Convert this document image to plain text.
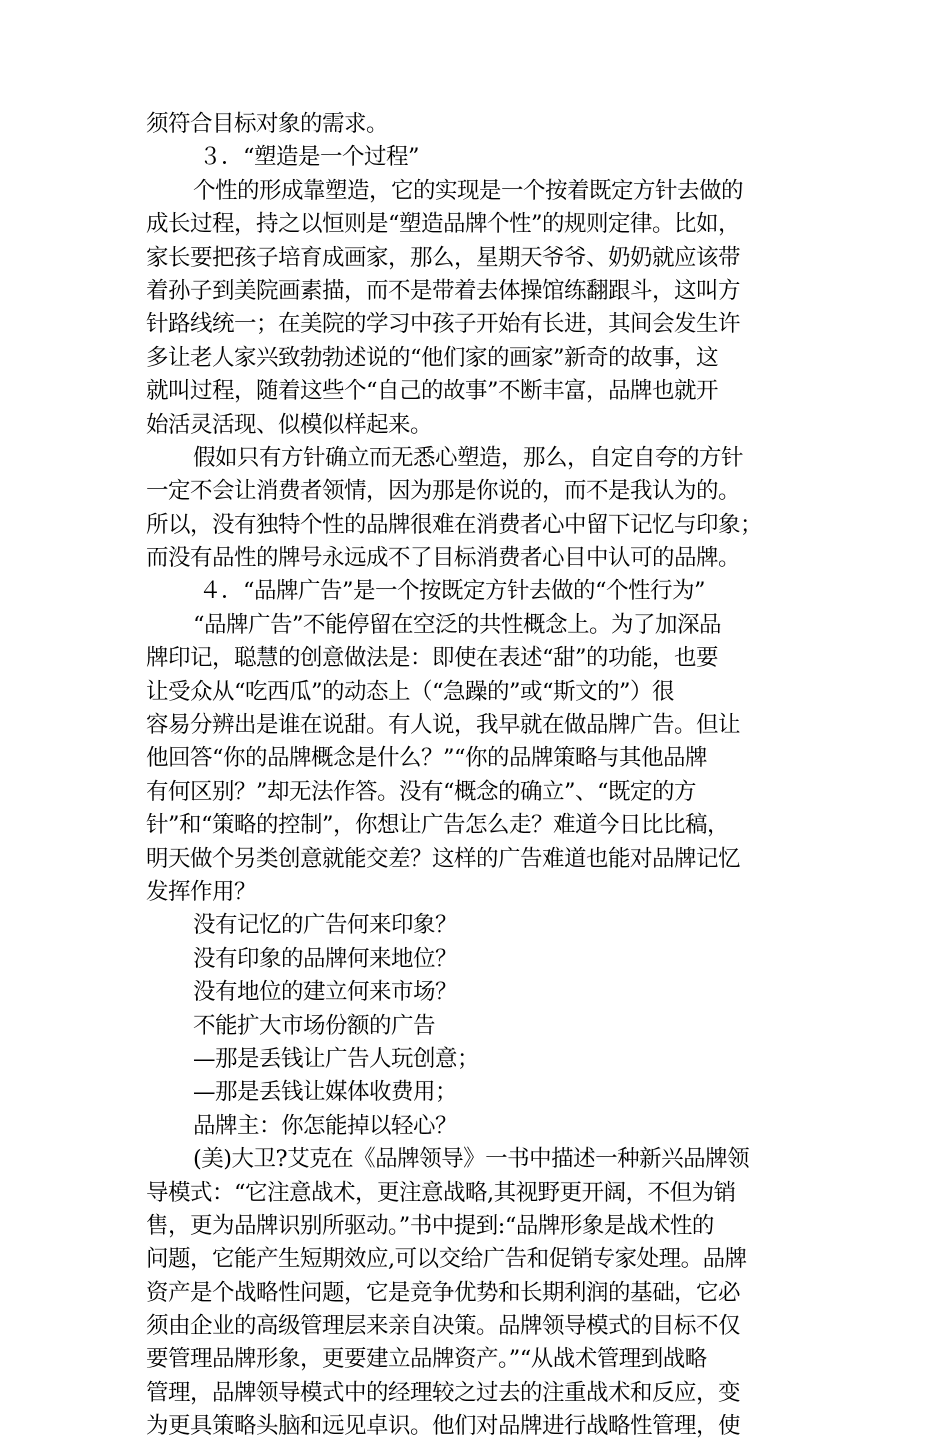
须符合目标对象的需求。
３．“塑造是一个过程”
个性的形成靠塑造，它的实现是一个按着既定方针去做的
成长过程，持之以恒则是“塑造品牌个性”的规则定律。比如，
家长要把孩子培育成画家，那么，星期天爷爷、奶奶就应该带
着孙子到美院画素描，而不是带着去体操馆练翻跟斗，这叫方
针路线统一；在美院的学习中孩子开始有长进，其间会发生许
多让老人家兴致勃勃述说的“他们家的画家”新奇的故事，这
就叫过程，随着这些个“自己的故事”不断丰富，品牌也就开
始活灵活现、似模似样起来。
假如只有方针确立而无悉心塑造，那么，自定自夸的方针
一定不会让消费者领情，因为那是你说的，而不是我认为的。
所以，没有独特个性的品牌很难在消费者心中留下记忆与印象；
而没有品性的牌号永远成不了目标消费者心目中认可的品牌。
４．“品牌广告”是一个按既定方针去做的“个性行为”
“品牌广告”不能停留在空泛的共性概念上。为了加深品
牌印记，聪慧的创意做法是：即使在表述“甜”的功能，也要
让受众从“吃西瓜”的动态上（“急躁的”或“斯文的”）很
容易分辨出是谁在说甜。有人说，我早就在做品牌广告。但让
他回答“你的品牌概念是什么？”“你的品牌策略与其他品牌
有何区别？”却无法作答。没有“概念的确立”、“既定的方
针”和“策略的控制”，你想让广告怎么走？难道今日比比稿，
明天做个另类创意就能交差？这样的广告难道也能对品牌记忆
发挥作用？
没有记忆的广告何来印象？
没有印象的品牌何来地位？
没有地位的建立何来市场？
不能扩大市场份额的广告
—那是丢钱让广告人玩创意；
—那是丢钱让媒体收费用；
品牌主：你怎能掉以轻心？
(美)大卫?艾克在《品牌领导》一书中描述一种新兴品牌领
导模式：“它注意战术，更注意战略,其视野更开阔，不但为销
售，更为品牌识别所驱动。”书中提到:“品牌形象是战术性的
问题，它能产生短期效应,可以交给广告和促销专家处理。品牌
资产是个战略性问题，它是竞争优势和长期利润的基础，它必
须由企业的高级管理层来亲自决策。品牌领导模式的目标不仅
要管理品牌形象，更要建立品牌资产。”“从战术管理到战略
管理，品牌领导模式中的经理较之过去的注重战术和反应，变
为更具策略头脑和远见卓识。他们对品牌进行战略性管理，使
